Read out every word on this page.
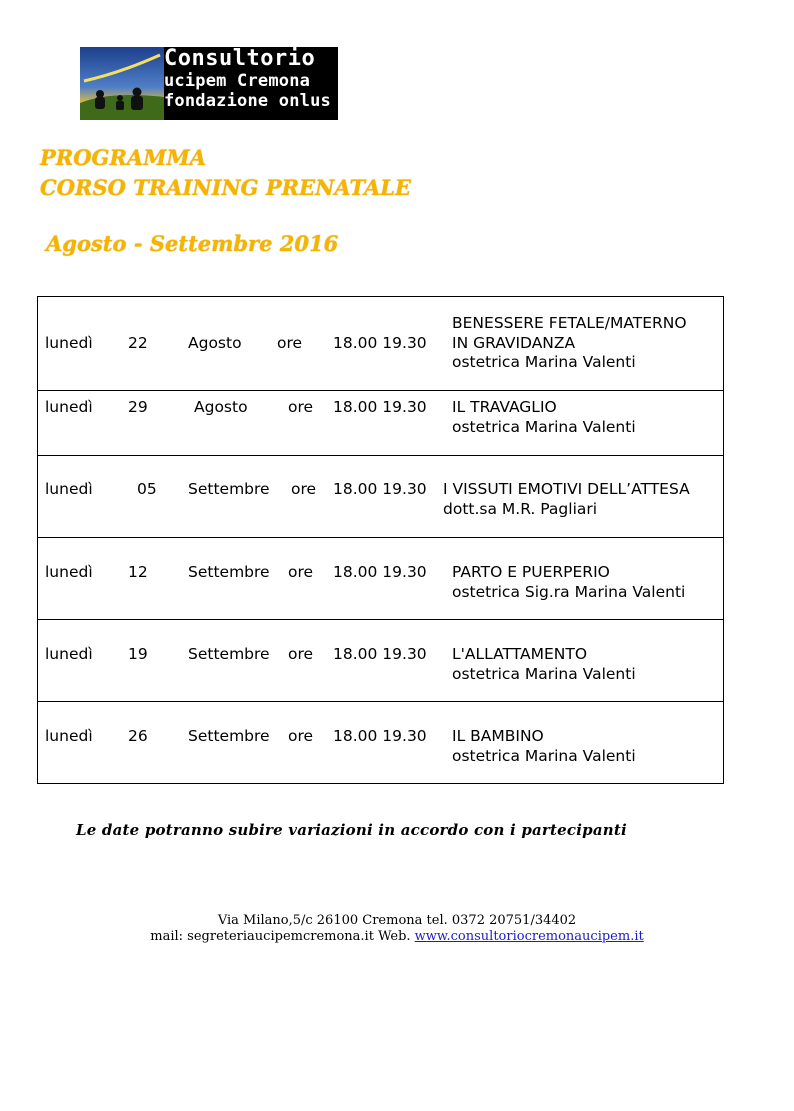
Consultorio
ucipem Cremona
fondazione onlus
PROGRAMMA
CORSO TRAINING PRENATALE
Agosto - Settembre 2016
lunedì 22	Agosto ore 18.00 19.30
BENESSERE FETALE/MATERNO
IN GRAVIDANZA
ostetrica Marina Valenti
lunedì 29	Agosto	ore 18.00 19.30 IL TRAVAGLIO
ostetrica Marina Valenti
lunedì	05 Settembre ore 18.00 19.30 I VISSUTI EMOTIVI DELL’ATTESA
dott.sa M.R. Pagliari
lunedì 12	Settembre ore 18.00 19.30 PARTO E PUERPERIO
ostetrica Sig.ra Marina Valenti
lunedì 19	Settembre ore 18.00 19.30 L'ALLATTAMENTO
ostetrica Marina Valenti
lunedì 26	Settembre ore 18.00 19.30 IL BAMBINO
ostetrica Marina Valenti
Le date potranno subire variazioni in accordo con i partecipanti
Via Milano,5/c 26100 Cremona tel. 0372 20751/34402
mail: segreteriaucipemcremona.it Web. www.consultoriocremonaucipem.it
